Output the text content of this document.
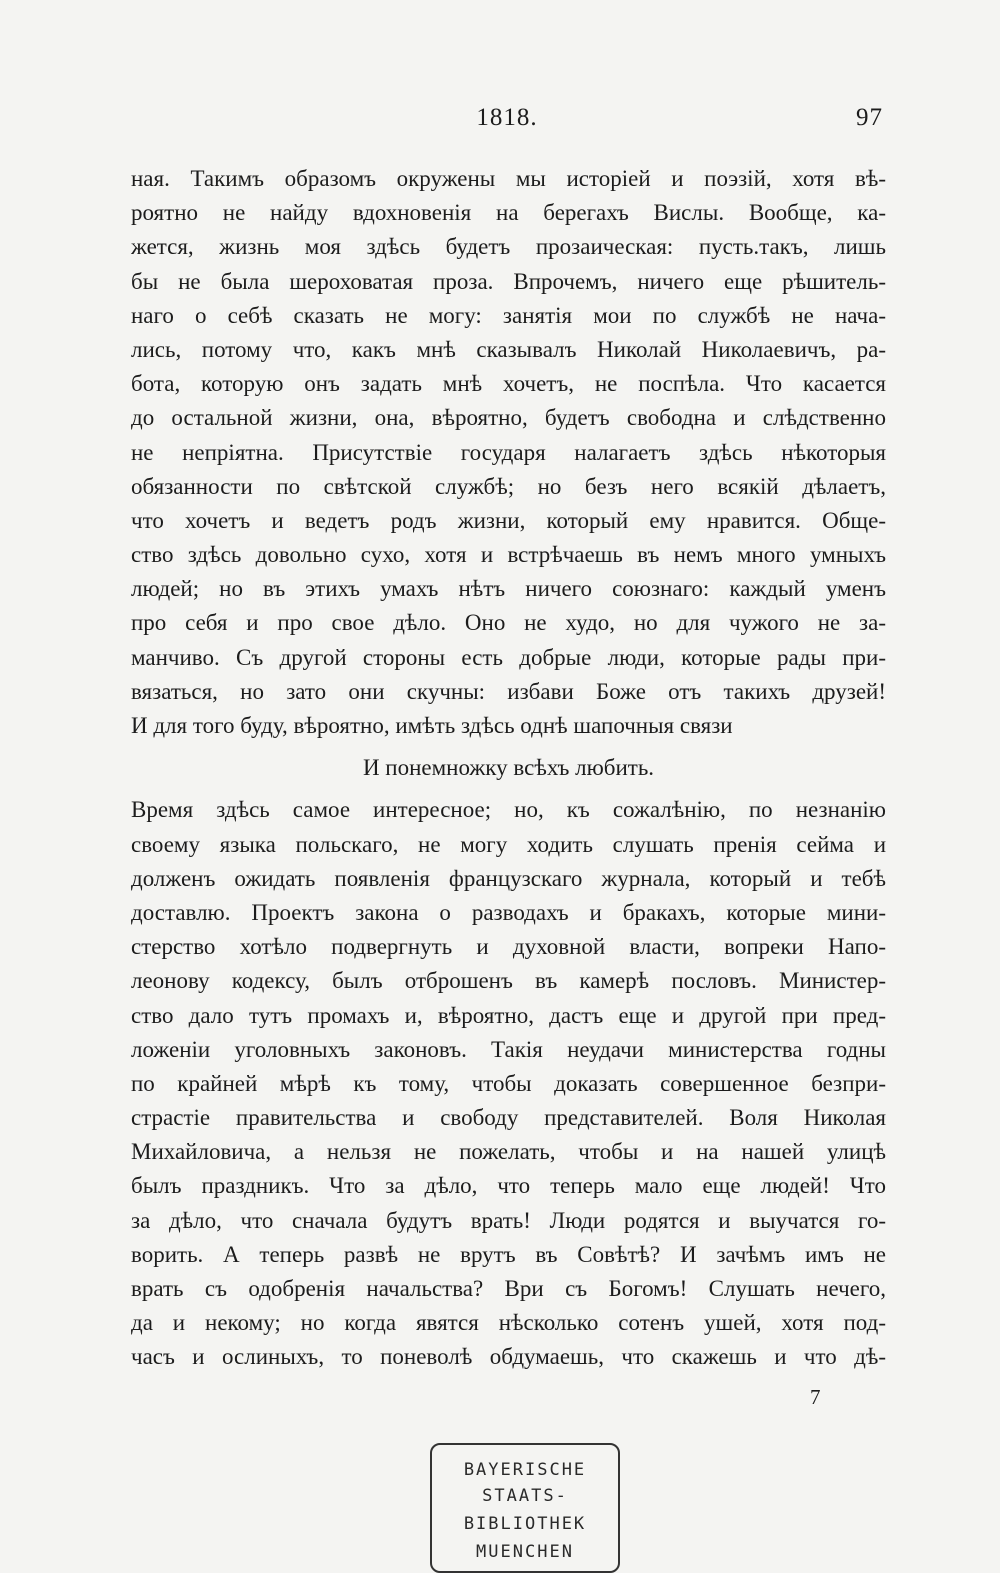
1818.	97
ная. Такимъ образомъ окружены мы исторіей и поэзій, хотя вѣ-
роятно не найду вдохновенія на берегахъ Вислы. Вообще, ка-
жется, жизнь моя здѣсь будетъ прозаическая: пусть.такъ, лишь
бы не была шероховатая проза. Впрочемъ, ничего еще рѣшитель-
наго о себѣ сказать не могу: занятія мои по службѣ не нача-
лись, потому что, какъ мнѣ сказывалъ Николай Николаевичъ, ра-
бота, которую онъ задать мнѣ хочетъ, не поспѣла. Что касается
до остальной жизни, она, вѣроятно, будетъ свободна и слѣдственно
не непріятна. Присутствіе государя налагаетъ здѣсь нѣкоторыя
обязанности по свѣтской службѣ; но безъ него всякій дѣлаетъ,
что хочетъ и ведетъ родъ жизни, который ему нравится. Обще-
ство здѣсь довольно сухо, хотя и встрѣчаешь въ немъ много умныхъ
людей; но въ этихъ умахъ нѣтъ ничего союзнаго: каждый уменъ
про себя и про свое дѣло. Оно не худо, но для чужого не за-
манчиво. Съ другой стороны есть добрые люди, которые рады при-
вязаться, но зато они скучны: избави Боже отъ такихъ друзей!
И для того буду, вѣроятно, имѣть здѣсь однѣ шапочныя связи
И понемножку всѣхъ любить.
Время здѣсь самое интересное; но, къ сожалѣнію, по незнанію
своему языка польскаго, не могу ходить слушать пренія сейма и
долженъ ожидать появленія французскаго журнала, который и тебѣ
доставлю. Проектъ закона о разводахъ и бракахъ, которые мини-
стерство хотѣло подвергнуть и духовной власти, вопреки Напо-
леонову кодексу, былъ отброшенъ въ камерѣ пословъ. Министер-
ство дало тутъ промахъ и, вѣроятно, дастъ еще и другой при пред-
ложеніи уголовныхъ законовъ. Такія неудачи министерства годны
по крайней мѣрѣ къ тому, чтобы доказать совершенное безпри-
страстіе правительства и свободу представителей. Воля Николая
Михайловича, а нельзя не пожелать, чтобы и на нашей улицѣ
былъ праздникъ. Что за дѣло, что теперь мало еще людей! Что
за дѣло, что сначала будутъ врать! Люди родятся и выучатся го-
ворить. А теперь развѣ не врутъ въ Совѣтѣ? И зачѣмъ имъ не
врать съ одобренія начальства? Ври съ Богомъ! Слушать нечего,
да и некому; но когда явятся нѣсколько сотенъ ушей, хотя под-
часъ и ослиныхъ, то поневолѣ обдумаешь, что скажешь и что дѣ-
7
BAYERISCHE
STAATS-
BIBLIOTHEK
MUENCHEN
